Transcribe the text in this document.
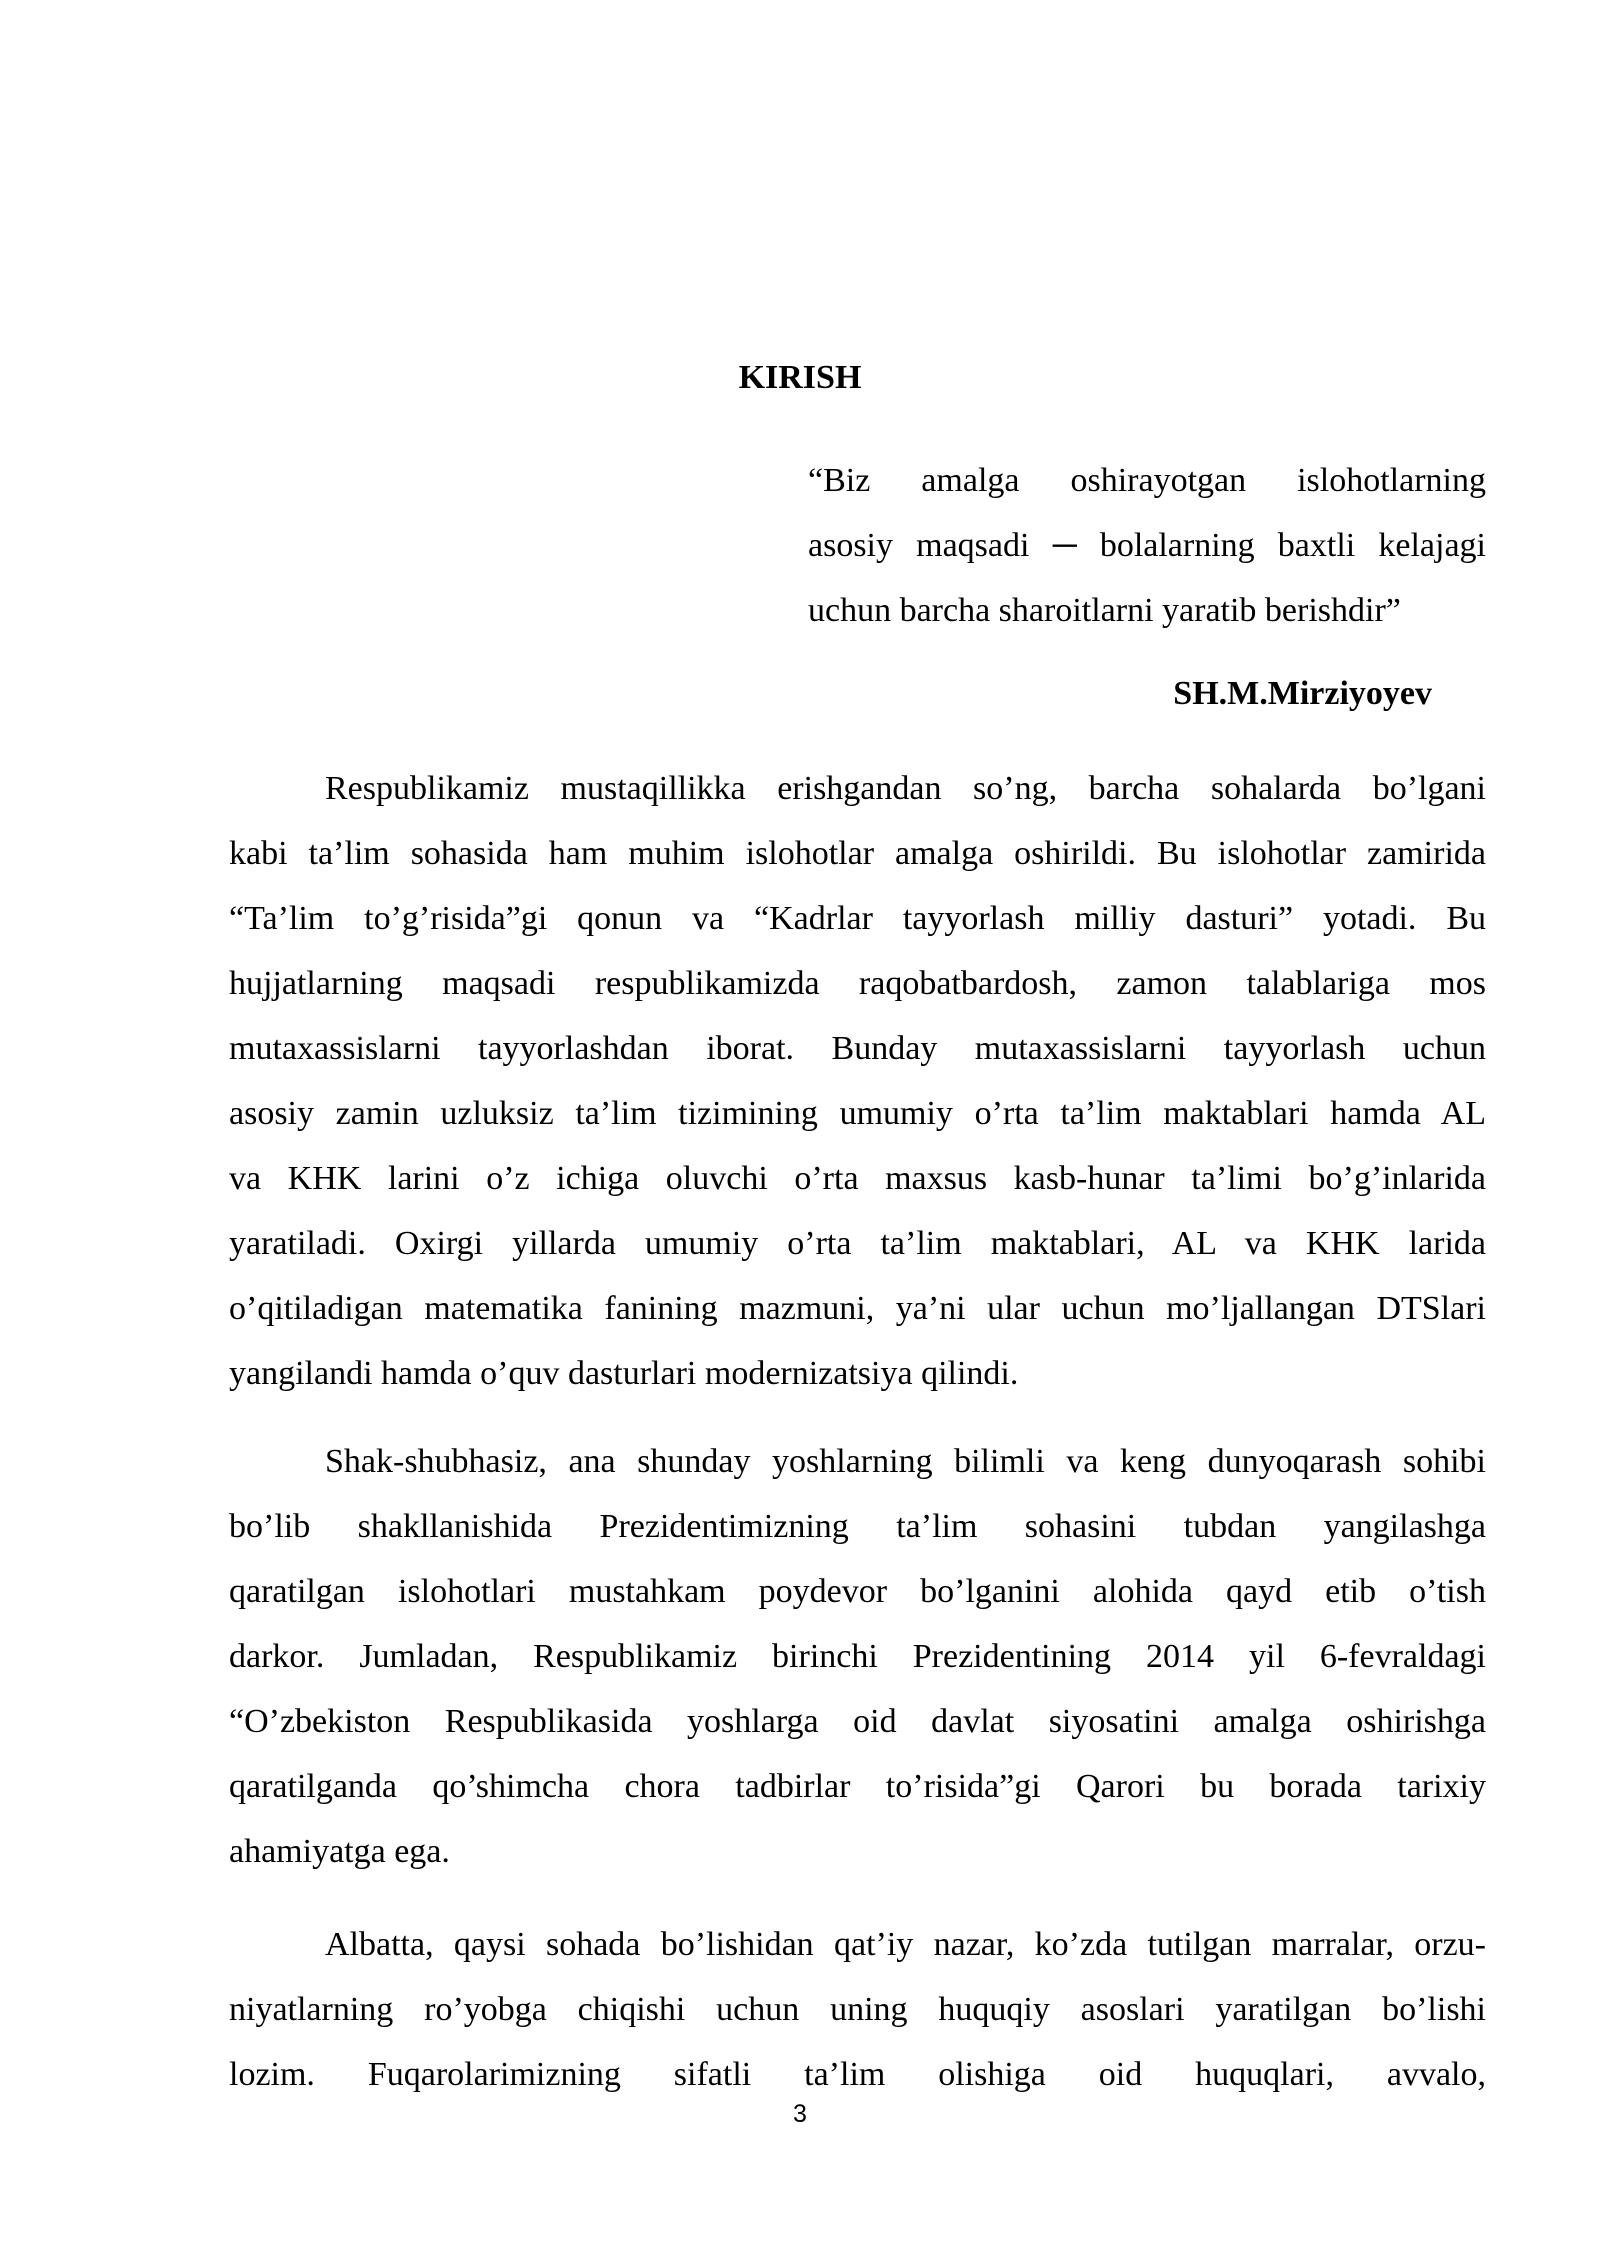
KIRISH
“Biz amalga oshirayotgan islohotlarning
asosiy maqsadi ─ bolalarning baxtli kelajagi
uchun barcha sharoitlarni yaratib berishdir”
SH.M.Mirziyoyev
Respublikamiz mustaqillikka erishgandan so’ng, barcha sohalarda bo’lgani
kabi ta’lim sohasida ham muhim islohotlar amalga oshirildi. Bu islohotlar zamirida
“Ta’lim to’g’risida”gi qonun va “Kadrlar tayyorlash milliy dasturi” yotadi. Bu
hujjatlarning maqsadi respublikamizda raqobatbardosh, zamon talablariga mos
mutaxassislarni tayyorlashdan iborat. Bunday mutaxassislarni tayyorlash uchun
asosiy zamin uzluksiz ta’lim tizimining umumiy o’rta ta’lim maktablari hamda AL
va KHK larini o’z ichiga oluvchi o’rta maxsus kasb-hunar ta’limi bo’g’inlarida
yaratiladi. Oxirgi yillarda umumiy o’rta ta’lim maktablari, AL va KHK larida
o’qitiladigan matematika fanining mazmuni, ya’ni ular uchun mo’ljallangan DTSlari
yangilandi hamda o’quv dasturlari modernizatsiya qilindi.
Shak-shubhasiz, ana shunday yoshlarning bilimli va keng dunyoqarash sohibi
bo’lib shakllanishida Prezidentimizning ta’lim sohasini tubdan yangilashga
qaratilgan islohotlari mustahkam poydevor bo’lganini alohida qayd etib o’tish
darkor. Jumladan, Respublikamiz birinchi Prezidentining 2014 yil 6-fevraldagi
“O’zbekiston Respublikasida yoshlarga oid davlat siyosatini amalga oshirishga
qaratilganda qo’shimcha chora tadbirlar to’risida”gi Qarori bu borada tarixiy
ahamiyatga ega.
Albatta, qaysi sohada bo’lishidan qat’iy nazar, ko’zda tutilgan marralar, orzu-
niyatlarning ro’yobga chiqishi uchun uning huquqiy asoslari yaratilgan bo’lishi
lozim. Fuqarolarimizning sifatli ta’lim olishiga oid huquqlari, avvalo,
3
